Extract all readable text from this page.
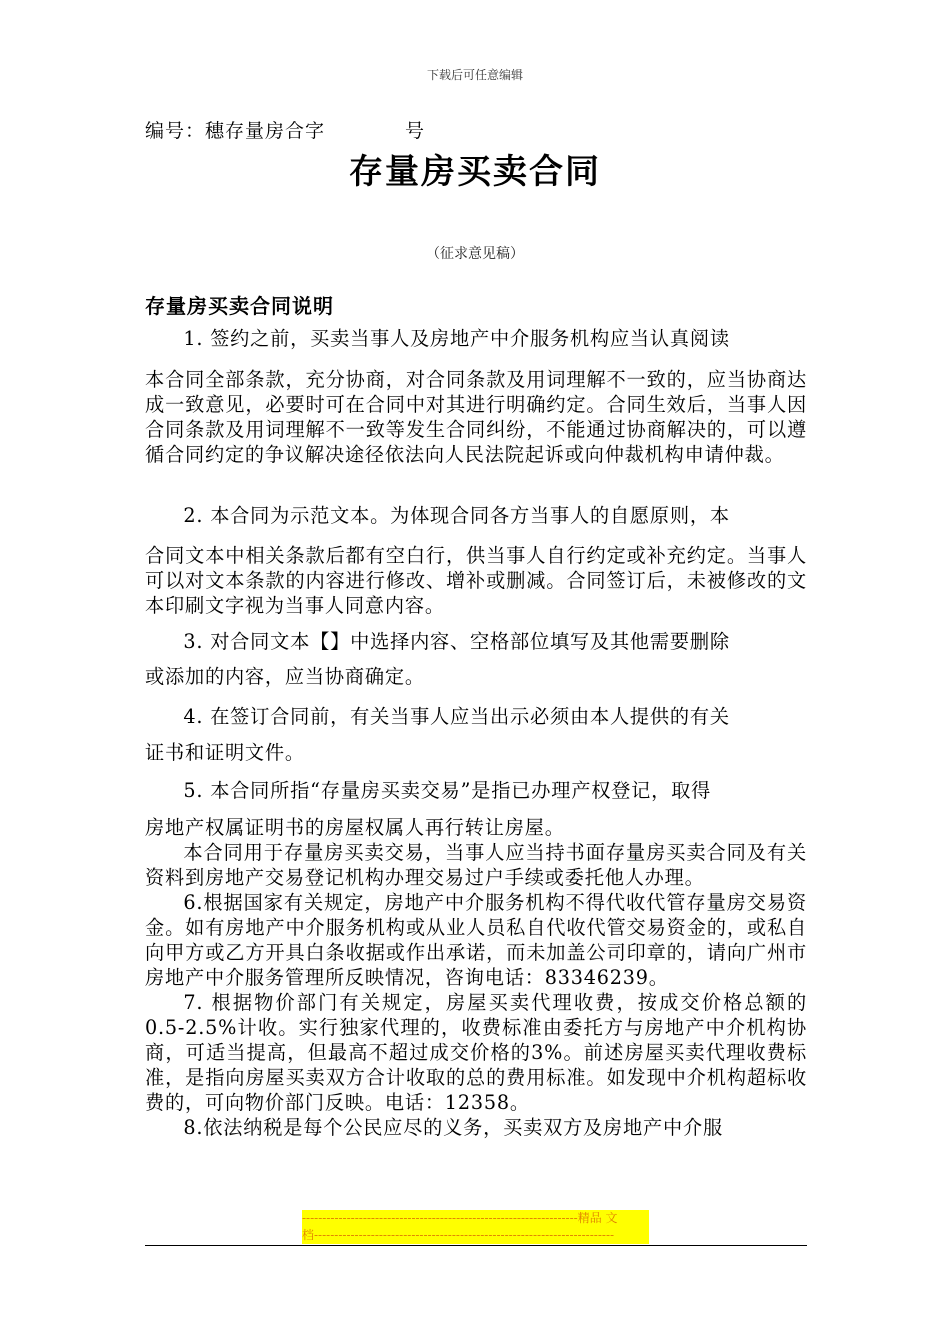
下载后可任意编辑
编号：穗存量房合字　　　　号
存量房买卖合同
（征求意见稿）
存量房买卖合同说明

1. 签约之前，买卖当事人及房地产中介服务机构应当认真阅读

本合同全部条款，充分协商，对合同条款及用词理解不一致的，应当协商达成一致意见，必要时可在合同中对其进行明确约定。合同生效后，当事人因合同条款及用词理解不一致等发生合同纠纷，不能通过协商解决的，可以遵循合同约定的争议解决途径依法向人民法院起诉或向仲裁机构申请仲裁。

2. 本合同为示范文本。为体现合同各方当事人的自愿原则，本

合同文本中相关条款后都有空白行，供当事人自行约定或补充约定。当事人可以对文本条款的内容进行修改、增补或删减。合同签订后，未被修改的文本印刷文字视为当事人同意内容。

3. 对合同文本【】中选择内容、空格部位填写及其他需要删除

或添加的内容，应当协商确定。

4. 在签订合同前，有关当事人应当出示必须由本人提供的有关

证书和证明文件。

5. 本合同所指“存量房买卖交易”是指已办理产权登记，取得

房地产权属证明书的房屋权属人再行转让房屋。

本合同用于存量房买卖交易，当事人应当持书面存量房买卖合同及有关资料到房地产交易登记机构办理交易过户手续或委托他人办理。

6.根据国家有关规定，房地产中介服务机构不得代收代管存量房交易资金。如有房地产中介服务机构或从业人员私自代收代管交易资金的，或私自向甲方或乙方开具白条收据或作出承诺，而未加盖公司印章的，请向广州市房地产中介服务管理所反映情况，咨询电话：83346239。

7. 根据物价部门有关规定，房屋买卖代理收费，按成交价格总额的0.5-2.5%计收。实行独家代理的，收费标准由委托方与房地产中介机构协商，可适当提高，但最高不超过成交价格的3%。前述房屋买卖代理收费标准，是指向房屋买卖双方合计收取的总的费用标准。如发现中介机构超标收费的，可向物价部门反映。电话：12358。

8.依法纳税是每个公民应尽的义务，买卖双方及房地产中介服

--------------------------------------------------------------------精品 文
档--------------------------------------------------------------------------
